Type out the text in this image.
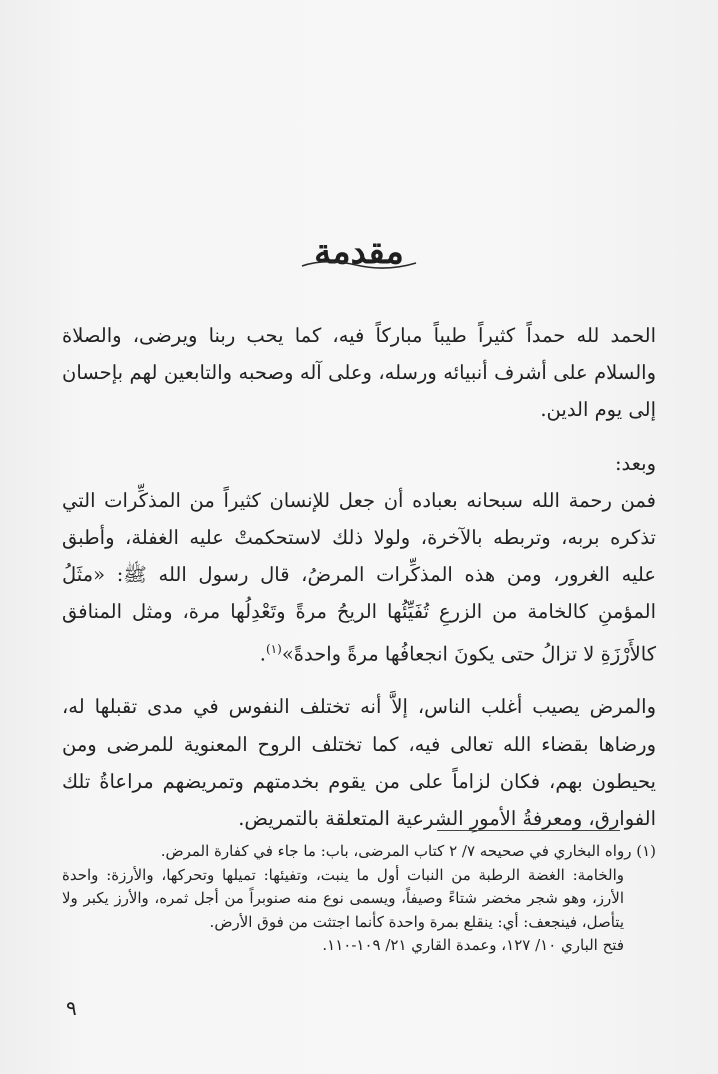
مقدمة

الحمد لله حمداً كثيراً طيباً مباركاً فيه، كما يحب ربنا ويرضى، والصلاة والسلام على أشرف أنبيائه ورسله، وعلى آله وصحبه والتابعين لهم بإحسان إلى يوم الدين.

وبعد:

فمن رحمة الله سبحانه بعباده أن جعل للإنسان كثيراً من المذكِّرات التي تذكره بربه، وتربطه بالآخرة، ولولا ذلك لاستحكمتْ عليه الغفلة، وأطبق عليه الغرور، ومن هذه المذكِّرات المرضُ، قال رسول الله ﷺ: «مثَلُ المؤمنِ كالخامة من الزرعِ تُفَيِّئُها الريحُ مرةً وتَعْدِلُها مرة، ومثل المنافق كالأَرْزَةِ لا تزالُ حتى يكونَ انجعافُها مرةً واحدةً»$^{(١)}$.

والمرض يصيب أغلب الناس، إلاَّ أنه تختلف النفوس في مدى تقبلها له، ورضاها بقضاء الله تعالى فيه، كما تختلف الروح المعنوية للمرضى ومن يحيطون بهم، فكان لزاماً على من يقوم بخدمتهم وتمريضهم مراعاةُ تلك الفوارق، ومعرفةُ الأمورِ الشرعية المتعلقة بالتمريض.

(١) رواه البخاري في صحيحه ٧/ ٢ كتاب المرضى، باب: ما جاء في كفارة المرض.

والخامة: الغضة الرطبة من النبات أول ما ينبت، وتفيئها: تميلها وتحركها، والأرزة: واحدة الأرز، وهو شجر مخضر شتاءً وصيفاً، ويسمى نوع منه صنوبراً من أجل ثمره، والأرز يكبر ولا يتأصل، فينجعف: أي: ينقلع بمرة واحدة كأنما اجتثت من فوق الأرض.

فتح الباري ١٠/ ١٢٧، وعمدة القاري ٢١/ ١٠٩-١١٠.

٩
